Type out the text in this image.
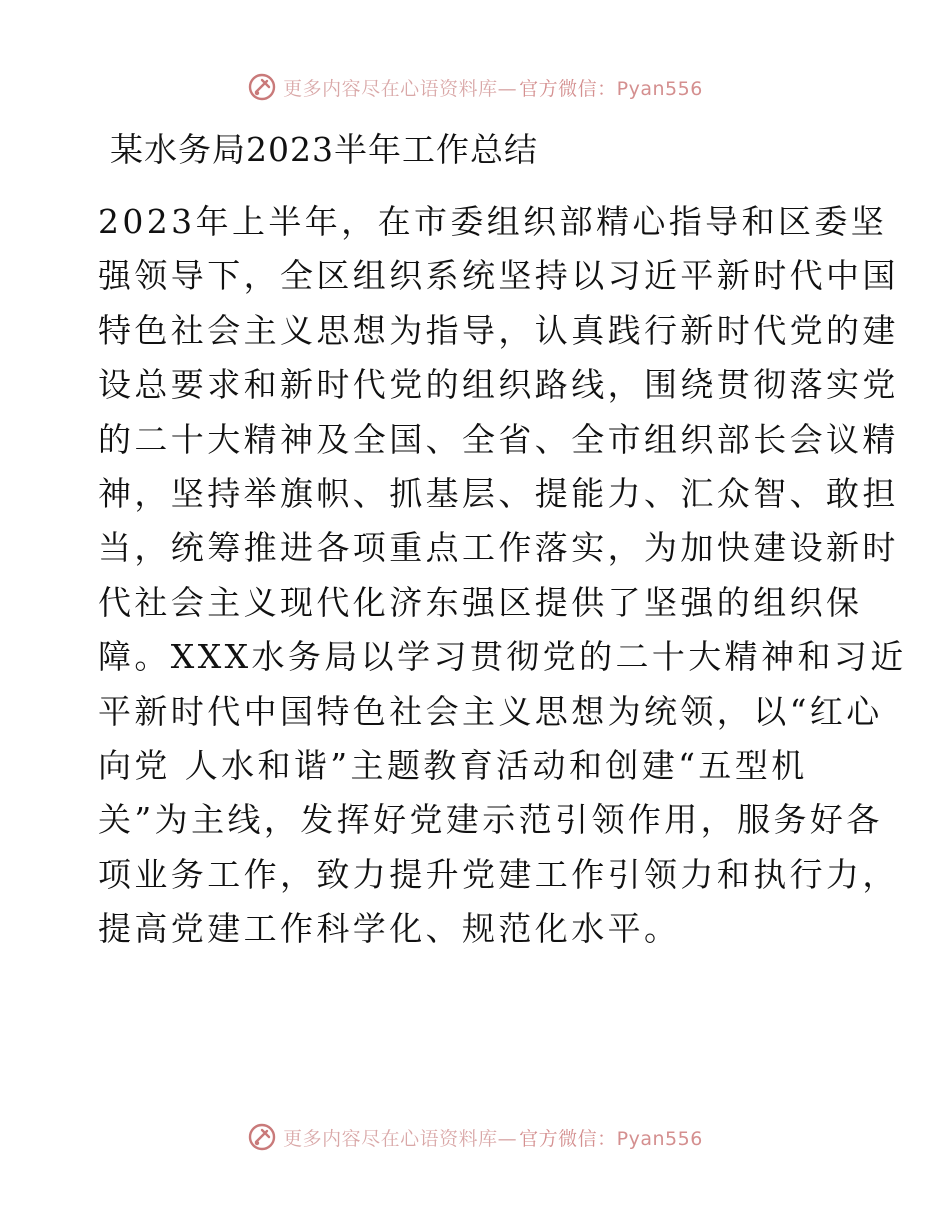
更多内容尽在心语资料库— 官方微信：Pyan556
某水务局2023半年工作总结
2023年上半年，在市委组织部精心指导和区委坚
强领导下，全区组织系统坚持以习近平新时代中国
特色社会主义思想为指导，认真践行新时代党的建
设总要求和新时代党的组织路线，围绕贯彻落实党
的二十大精神及全国、全省、全市组织部长会议精
神，坚持举旗帜、抓基层、提能力、汇众智、敢担
当，统筹推进各项重点工作落实，为加快建设新时
代社会主义现代化济东强区提供了坚强的组织保
障。XXX水务局以学习贯彻党的二十大精神和习近
平新时代中国特色社会主义思想为统领，以“红心
向党 人水和谐”主题教育活动和创建“五型机
关”为主线，发挥好党建示范引领作用，服务好各
项业务工作，致力提升党建工作引领力和执行力，
提高党建工作科学化、规范化水平。
更多内容尽在心语资料库— 官方微信：Pyan556
